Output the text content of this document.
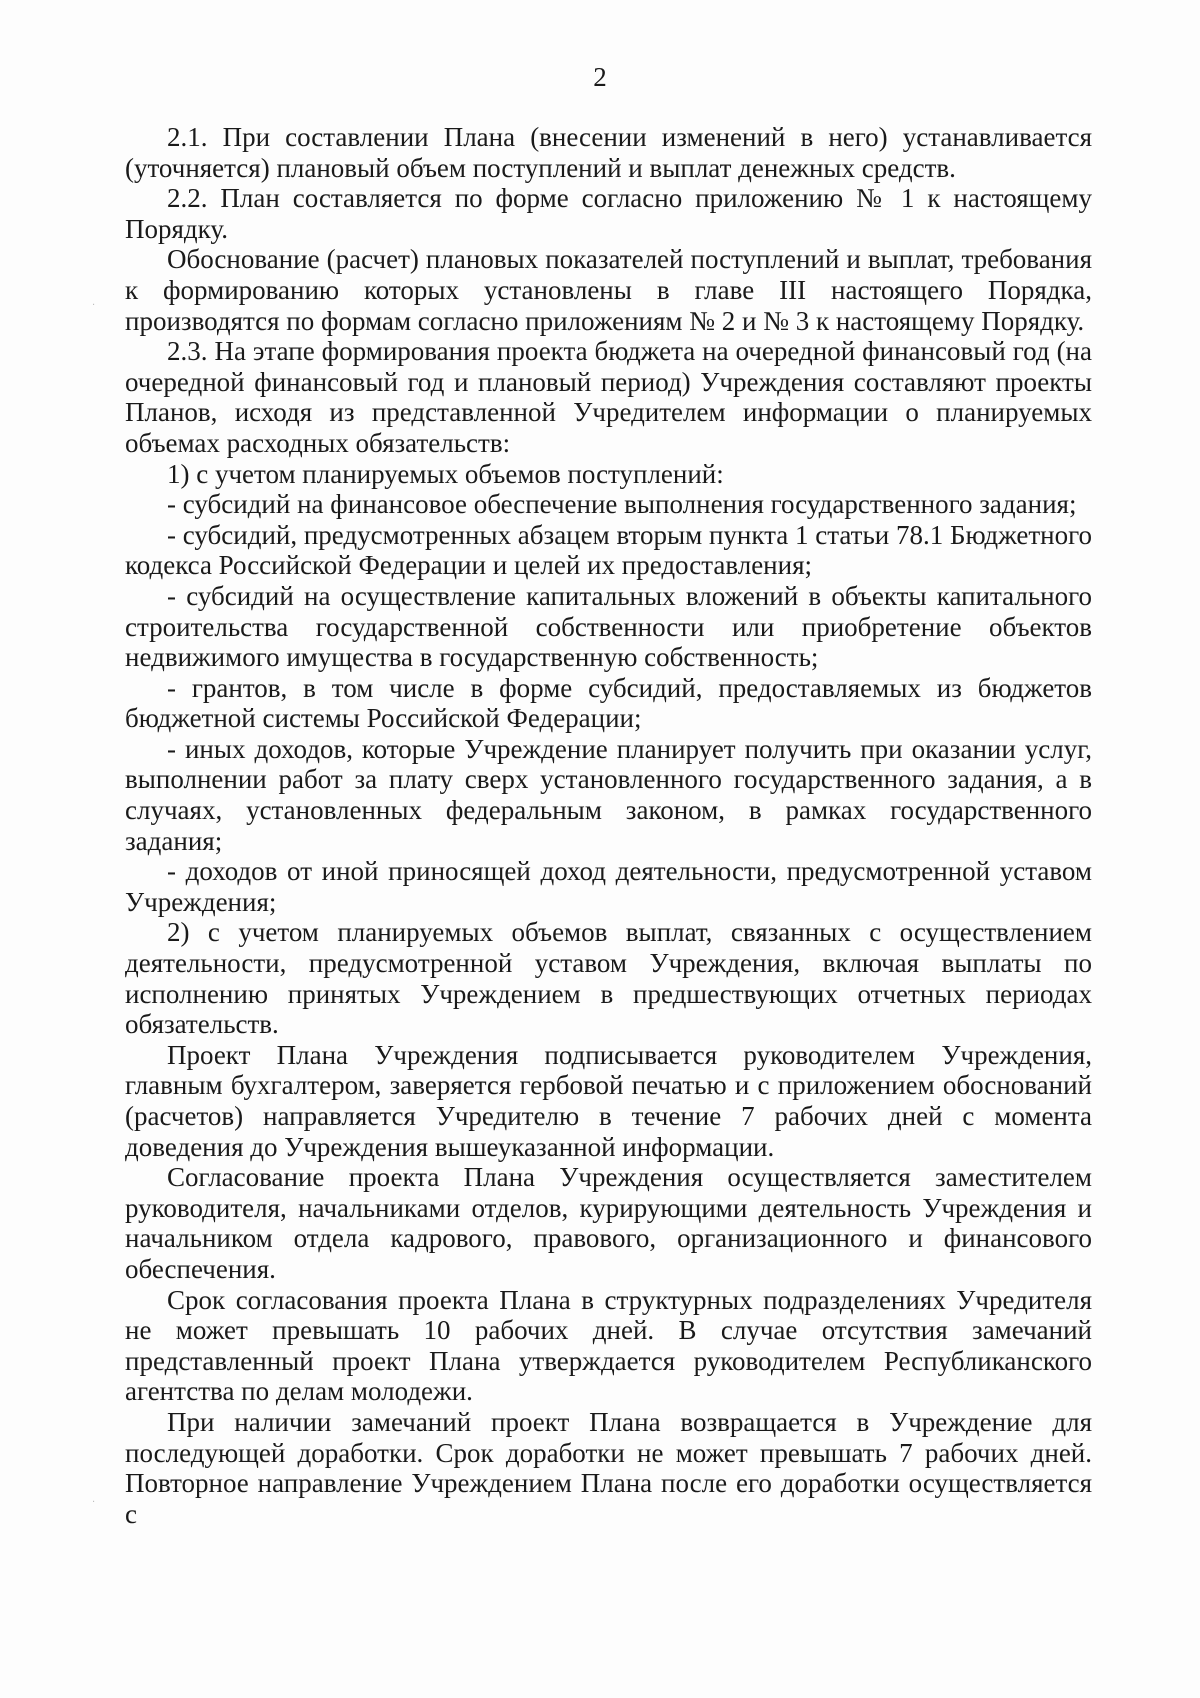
2

2.1. При составлении Плана (внесении изменений в него) устанавливается (уточняется) плановый объем поступлений и выплат денежных средств.

2.2. План составляется по форме согласно приложению № 1 к настоящему Порядку.

Обоснование (расчет) плановых показателей поступлений и выплат, требования к формированию которых установлены в главе III настоящего Порядка, производятся по формам согласно приложениям № 2 и № 3 к настоящему Порядку.

2.3. На этапе формирования проекта бюджета на очередной финансовый год (на очередной финансовый год и плановый период) Учреждения составляют проекты Планов, исходя из представленной Учредителем информации о планируемых объемах расходных обязательств:

1) с учетом планируемых объемов поступлений:

- субсидий на финансовое обеспечение выполнения государственного задания;

- субсидий, предусмотренных абзацем вторым пункта 1 статьи 78.1 Бюджетного кодекса Российской Федерации и целей их предоставления;

- субсидий на осуществление капитальных вложений в объекты капитального строительства государственной собственности или приобретение объектов недвижимого имущества в государственную собственность;

- грантов, в том числе в форме субсидий, предоставляемых из бюджетов бюджетной системы Российской Федерации;

- иных доходов, которые Учреждение планирует получить при оказании услуг, выполнении работ за плату сверх установленного государственного задания, а в случаях, установленных федеральным законом, в рамках государственного задания;

- доходов от иной приносящей доход деятельности, предусмотренной уставом Учреждения;

2) с учетом планируемых объемов выплат, связанных с осуществлением деятельности, предусмотренной уставом Учреждения, включая выплаты по исполнению принятых Учреждением в предшествующих отчетных периодах обязательств.

Проект Плана Учреждения подписывается руководителем Учреждения, главным бухгалтером, заверяется гербовой печатью и с приложением обоснований (расчетов) направляется Учредителю в течение 7 рабочих дней с момента доведения до Учреждения вышеуказанной информации.

Согласование проекта Плана Учреждения осуществляется заместителем руководителя, начальниками отделов, курирующими деятельность Учреждения и начальником отдела кадрового, правового, организационного и финансового обеспечения.

Срок согласования проекта Плана в структурных подразделениях Учредителя не может превышать 10 рабочих дней. В случае отсутствия замечаний представленный проект Плана утверждается руководителем Республиканского агентства по делам молодежи.

При наличии замечаний проект Плана возвращается в Учреждение для последующей доработки. Срок доработки не может превышать 7 рабочих дней. Повторное направление Учреждением Плана после его доработки осуществляется с

·
·
